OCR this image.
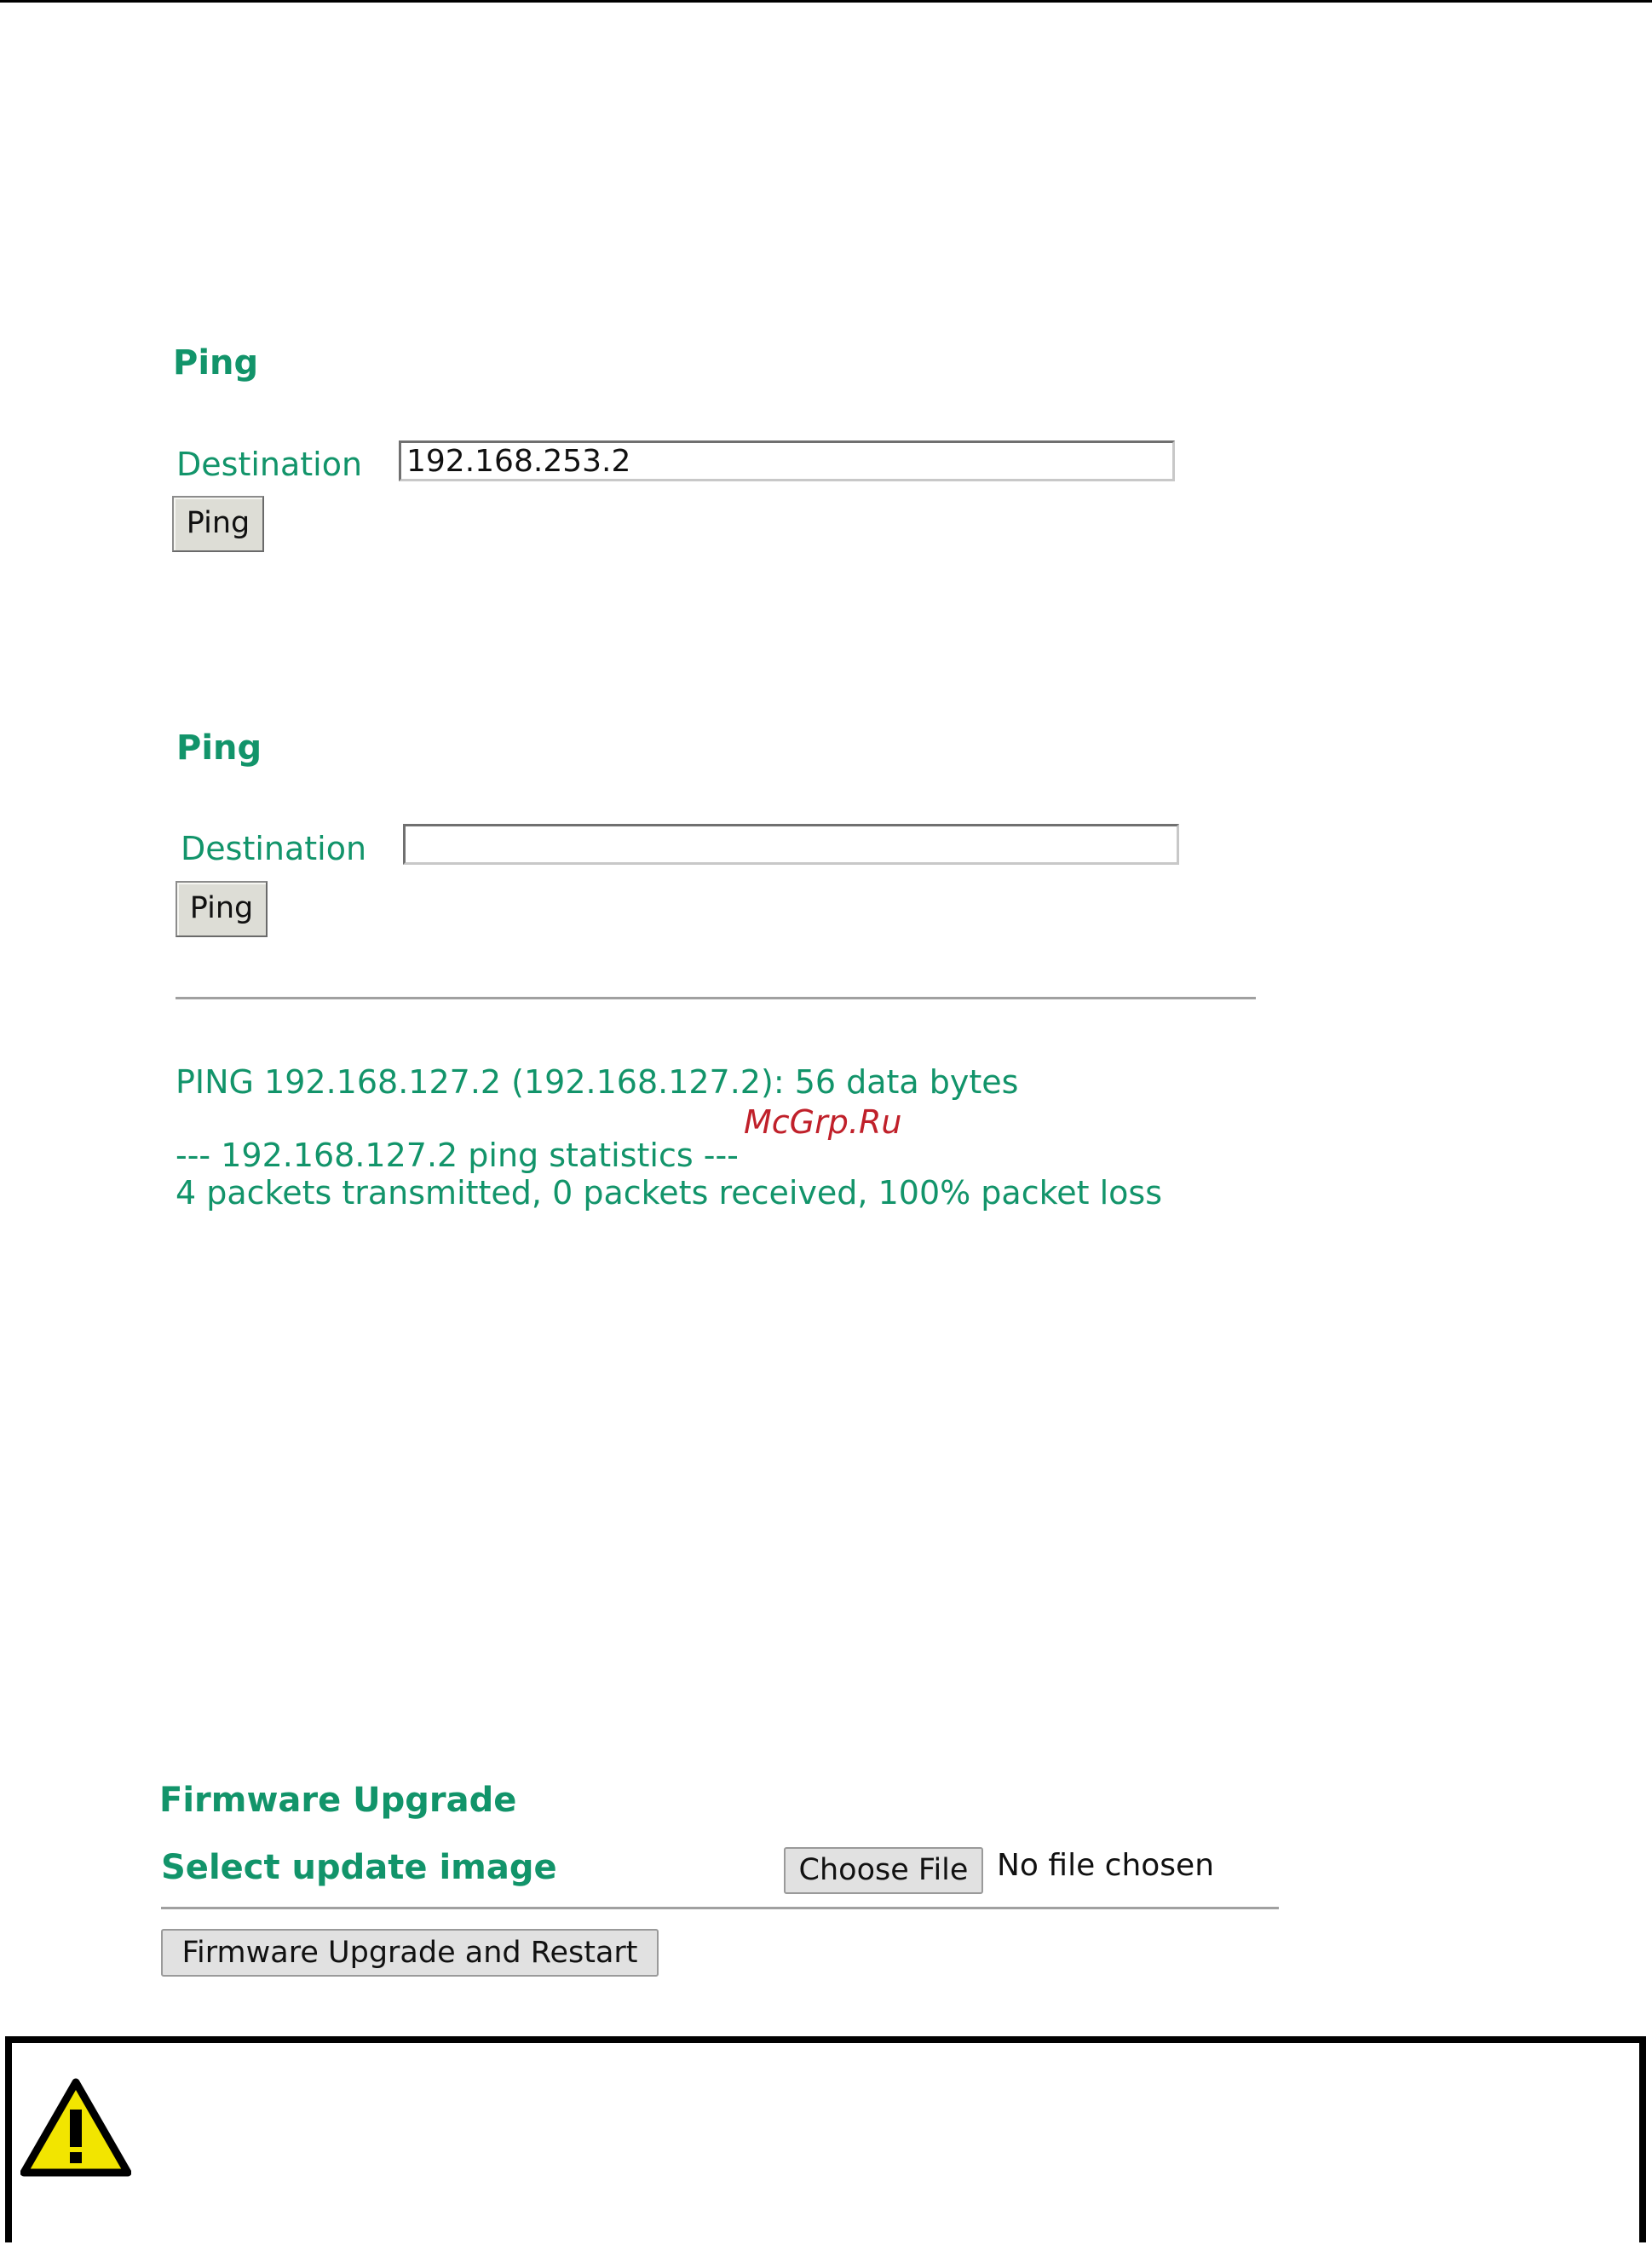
Ping
Destination
192.168.253.2
Ping
Ping
Destination
Ping
PING 192.168.127.2 (192.168.127.2): 56 data bytes
McGrp.Ru
--- 192.168.127.2 ping statistics ---
4 packets transmitted, 0 packets received, 100% packet loss
Firmware Upgrade
Select update image	Choose File No file chosen
Firmware Upgrade and Restart
